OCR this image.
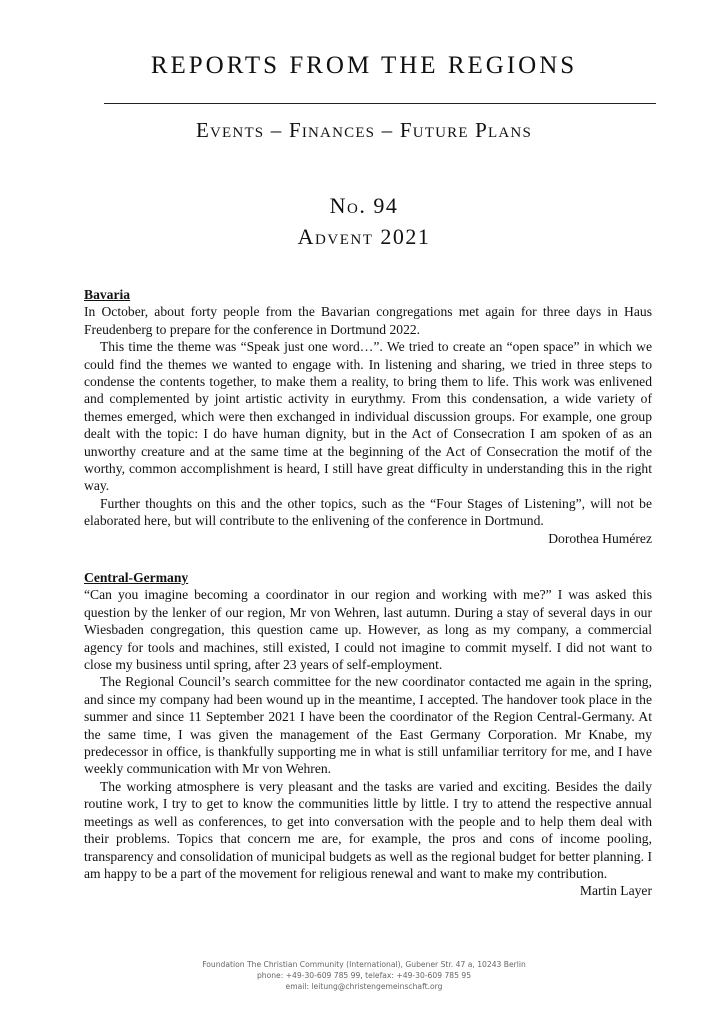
REPORTS FROM THE REGIONS
Events – Finances – Future Plans
No. 94
Advent 2021
Bavaria

In October, about forty people from the Bavarian congregations met again for three days in Haus Freudenberg to prepare for the conference in Dortmund 2022.

This time the theme was “Speak just one word…”. We tried to create an “open space” in which we could find the themes we wanted to engage with. In listening and sharing, we tried in three steps to condense the contents together, to make them a reality, to bring them to life. This work was enlivened and complemented by joint artistic activity in eurythmy. From this condensation, a wide variety of themes emerged, which were then exchanged in individual discussion groups. For example, one group dealt with the topic: I do have human dignity, but in the Act of Consecration I am spoken of as an unworthy creature and at the same time at the beginning of the Act of Consecration the motif of the worthy, common accomplishment is heard, I still have great difficulty in understanding this in the right way.

Further thoughts on this and the other topics, such as the “Four Stages of Listening”, will not be elaborated here, but will contribute to the enlivening of the conference in Dortmund.

Dorothea Humérez
Central-Germany

“Can you imagine becoming a coordinator in our region and working with me?” I was asked this question by the lenker of our region, Mr von Wehren, last autumn. During a stay of several days in our Wiesbaden congregation, this question came up. However, as long as my company, a commercial agency for tools and machines, still existed, I could not imagine to commit myself. I did not want to close my business until spring, after 23 years of self-employment.

The Regional Council’s search committee for the new coordinator contacted me again in the spring, and since my company had been wound up in the meantime, I accepted. The handover took place in the summer and since 11 September 2021 I have been the coordinator of the Region Central-Germany. At the same time, I was given the management of the East Germany Corporation. Mr Knabe, my predecessor in office, is thankfully supporting me in what is still unfamiliar territory for me, and I have weekly communication with Mr von Wehren.

The working atmosphere is very pleasant and the tasks are varied and exciting. Besides the daily routine work, I try to get to know the communities little by little. I try to attend the respective annual meetings as well as conferences, to get into conversation with the people and to help them deal with their problems. Topics that concern me are, for example, the pros and cons of income pooling, transparency and consolidation of municipal budgets as well as the regional budget for better planning. I am happy to be a part of the movement for religious renewal and want to make my contribution.

Martin Layer
Foundation The Christian Community (International), Gubener Str. 47 a, 10243 Berlin
phone: +49-30-609 785 99, telefax: +49-30-609 785 95
email: leitung@christengemeinschaft.org
